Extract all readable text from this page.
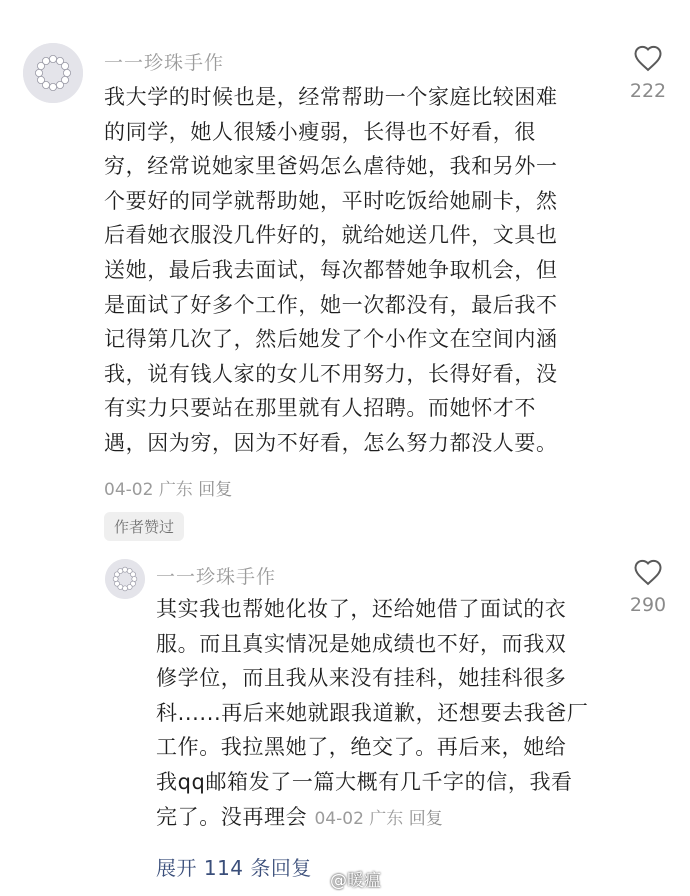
一一珍珠手作
222
我大学的时候也是，经常帮助一个家庭比较困难
的同学，她人很矮小瘦弱，长得也不好看，很
穷，经常说她家里爸妈怎么虐待她，我和另外一
个要好的同学就帮助她，平时吃饭给她刷卡，然
后看她衣服没几件好的，就给她送几件，文具也
送她，最后我去面试，每次都替她争取机会，但
是面试了好多个工作，她一次都没有，最后我不
记得第几次了，然后她发了个小作文在空间内涵
我，说有钱人家的女儿不用努力，长得好看，没
有实力只要站在那里就有人招聘。而她怀才不
遇，因为穷，因为不好看，怎么努力都没人要。
04-02 广东 回复
作者赞过
一一珍珠手作
290
其实我也帮她化妆了，还给她借了面试的衣
服。而且真实情况是她成绩也不好，而我双
修学位，而且我从来没有挂科，她挂科很多
科......再后来她就跟我道歉，还想要去我爸厂
工作。我拉黑她了，绝交了。再后来，她给
我qq邮箱发了一篇大概有几千字的信，我看
完了。没再理会 04-02 广东 回复
展开 114 条回复
@暖瘟
